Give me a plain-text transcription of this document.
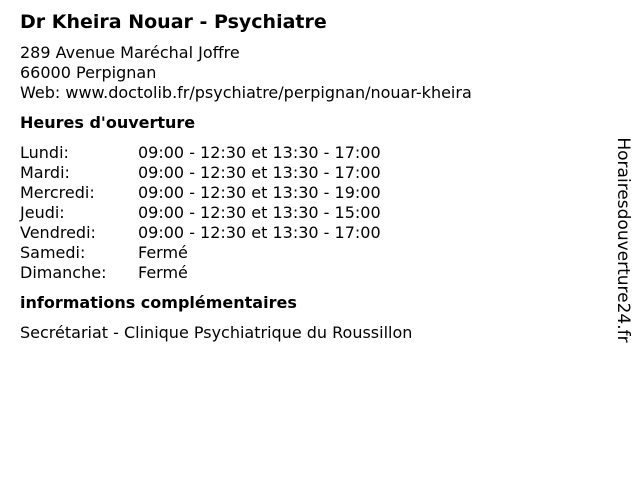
Dr Kheira Nouar - Psychiatre
289 Avenue Maréchal Joffre
66000 Perpignan
Web: www.doctolib.fr/psychiatre/perpignan/nouar-kheira
Heures d'ouverture
Lundi:	09:00 - 12:30 et 13:30 - 17:00
Mardi:	09:00 - 12:30 et 13:30 - 17:00
Mercredi:	09:00 - 12:30 et 13:30 - 19:00
Jeudi:	09:00 - 12:30 et 13:30 - 15:00
Vendredi:	09:00 - 12:30 et 13:30 - 17:00
Samedi:	Fermé
Dimanche:	Fermé
informations complémentaires
Secrétariat - Clinique Psychiatrique du Roussillon	Horairesdouverture24.fr
